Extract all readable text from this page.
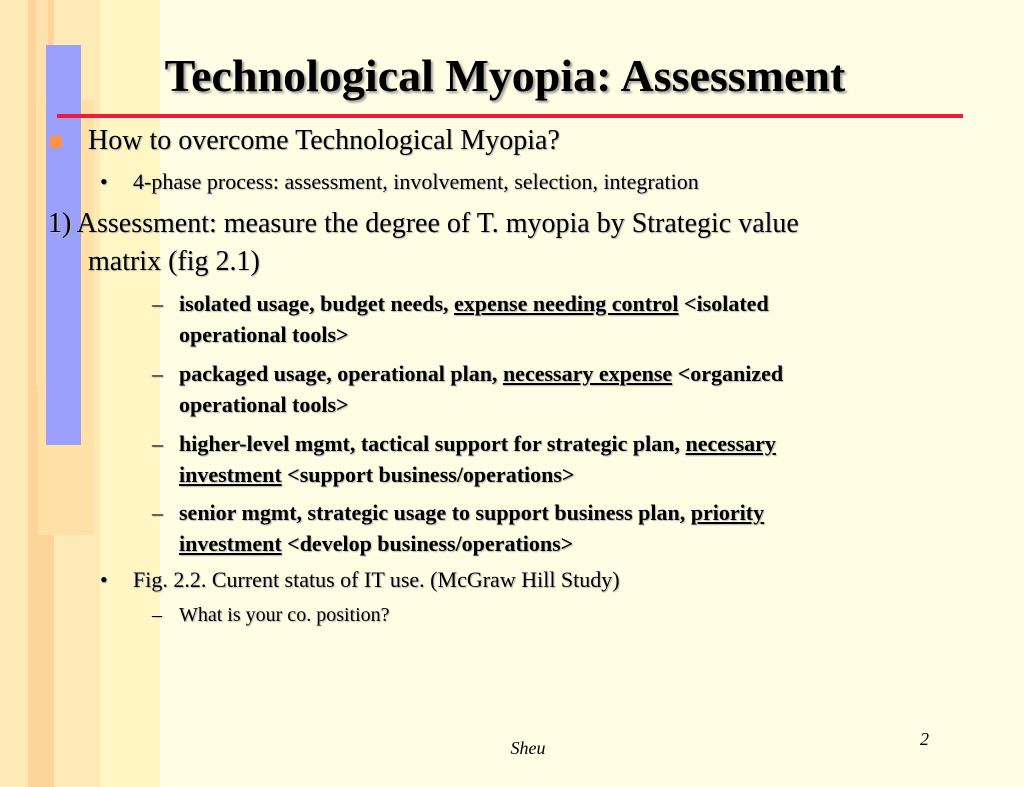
Technological Myopia: Assessment
How to overcome Technological Myopia?
• 4-phase process: assessment, involvement, selection, integration
1) Assessment: measure the degree of T. myopia by Strategic value
matrix (fig 2.1)
– isolated usage, budget needs, expense needing control <isolated
operational tools>
– packaged usage, operational plan, necessary expense <organized
operational tools>
– higher-level mgmt, tactical support for strategic plan, necessary
investment <support business/operations>
– senior mgmt, strategic usage to support business plan, priority
investment <develop business/operations>
• Fig. 2.2. Current status of IT use. (McGraw Hill Study)
– What is your co. position?
Sheu	2
